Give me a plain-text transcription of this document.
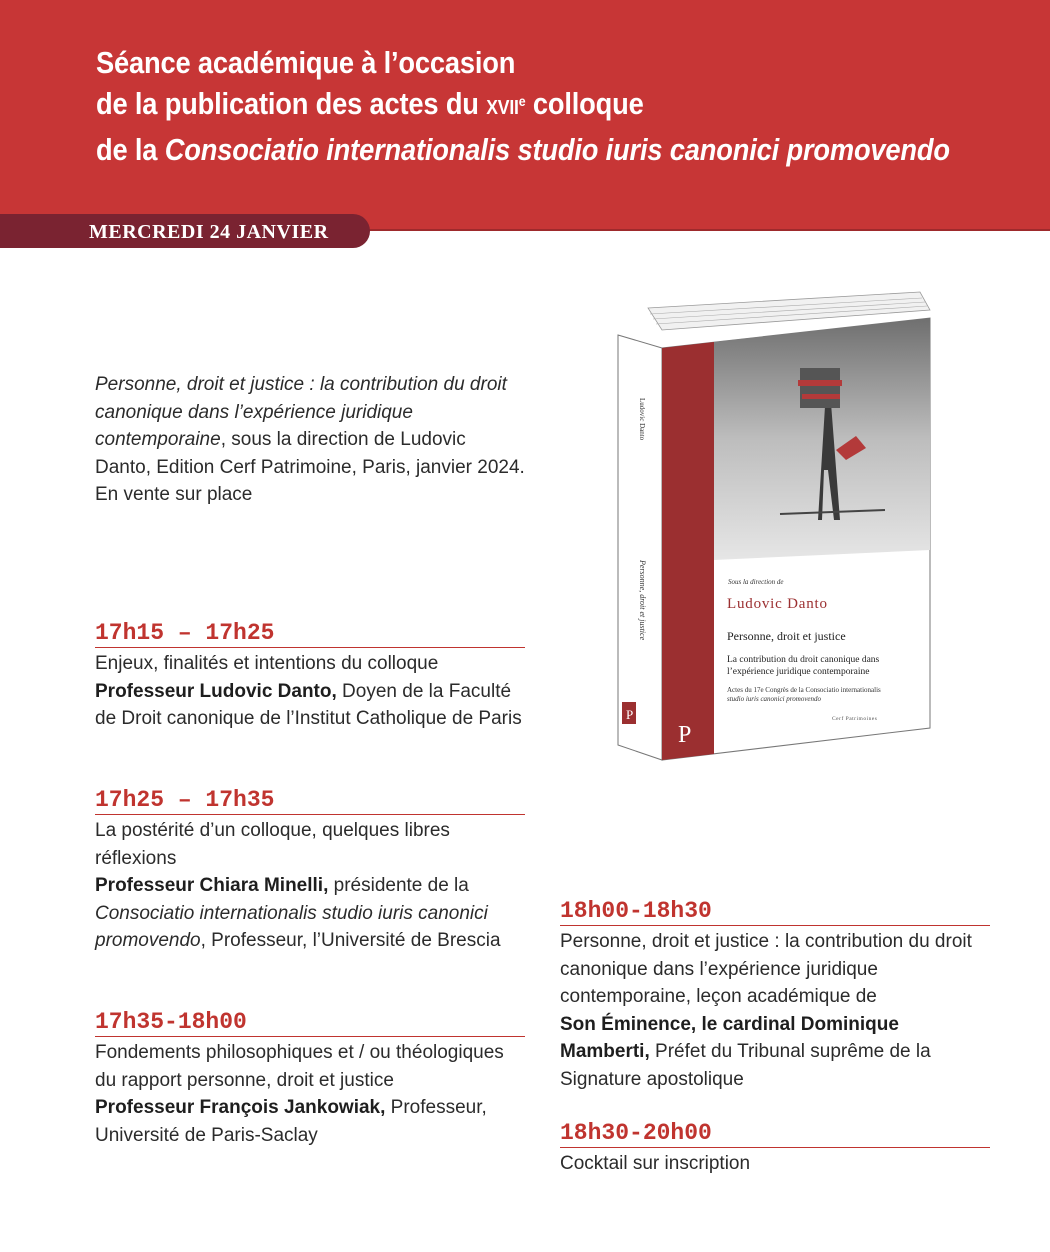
Séance académique à l’occasion
de la publication des actes du XVIIe colloque
de la Consociatio internationalis studio iuris canonici promovendo
MERCREDI 24 JANVIER

Personne, droit et justice : la contribution du droit canonique dans l’expérience juridique contemporaine, sous la direction de Ludovic Danto, Edition Cerf Patrimoine, Paris, janvier 2024.

En vente sur place

17h15 – 17h25

Enjeux, finalités et intentions du colloque

Professeur Ludovic Danto, Doyen de la Faculté de Droit canonique de l’Institut Catholique de Paris

17h25 – 17h35

La postérité d’un colloque, quelques libres réflexions

Professeur Chiara Minelli, présidente de la Consociatio internationalis studio iuris canonici promovendo, Professeur, l’Université de Brescia

17h35-18h00

Fondements philosophiques et / ou théologiques du rapport personne, droit et justice

Professeur François Jankowiak, Professeur, Université de Paris-Saclay

18h00-18h30

Personne, droit et justice : la contribution du droit canonique dans l’expérience juridique contemporaine, leçon académique de

Son Éminence, le cardinal Dominique Mamberti, Préfet du Tribunal suprême de la Signature apostolique

18h30-20h00

Cocktail sur inscription

P
Ludovic Danto
Personne, droit et justice	Sous la direction de
Ludovic Danto
Personne, droit et justice
La contribution du droit canonique dans
l’expérience juridique contemporaine
Actes du 17e Congrès de la Consociatio internationalis
studio iuris canonici promovendo
Cerf Patrimoines
P
